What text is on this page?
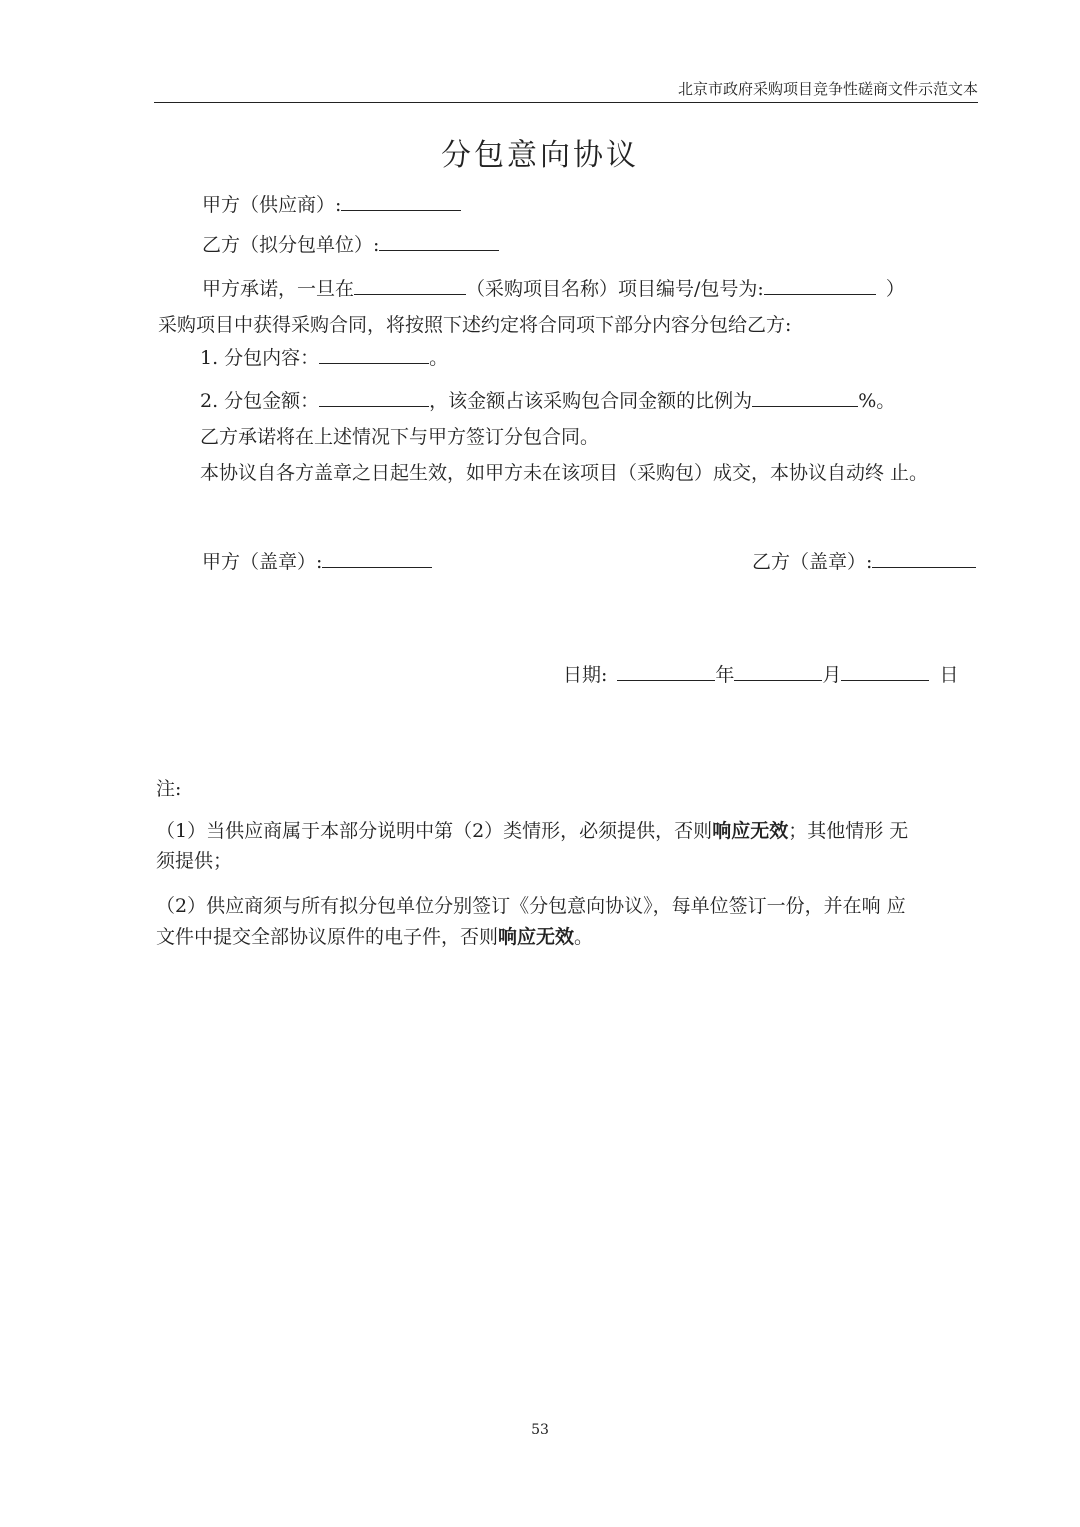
北京市政府采购项目竞争性磋商文件示范文本
分包意向协议
甲方（供应商）:
乙方（拟分包单位）:
甲方承诺，一旦在	（采购项目名称）项目编号/包号为:	）
采购项目中获得采购合同，将按照下述约定将合同项下部分内容分包给乙方:
1. 分包内容：	。
2. 分包金额：	，该金额占该采购包合同金额的比例为	%。
乙方承诺将在上述情况下与甲方签订分包合同。
本协议自各方盖章之日起生效，如甲方未在该项目（采购包）成交，本协议自动终 止。
甲方（盖章）:	乙方（盖章）:
日期:	年	月	日
注:
（1）当供应商属于本部分说明中第（2）类情形，必须提供，否则响应无效；其他情形 无
须提供；
（2）供应商须与所有拟分包单位分别签订《分包意向协议》，每单位签订一份，并在响 应
文件中提交全部协议原件的电子件，否则响应无效。
53
